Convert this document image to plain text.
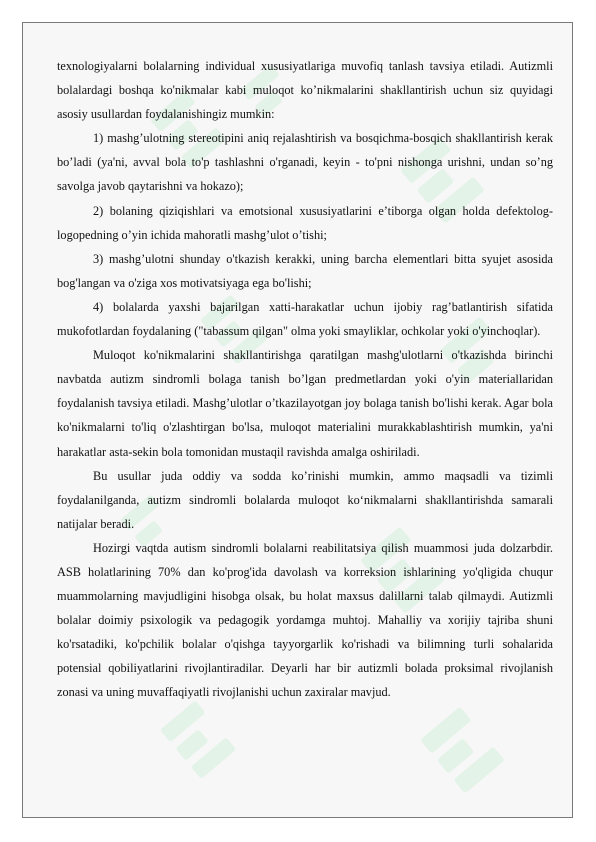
texnologiyalarni bolalarning individual xususiyatlariga muvofiq tanlash tavsiya etiladi. Autizmli bolalardagi boshqa ko'nikmalar kabi muloqot ko’nikmalarini shakllantirish uchun siz quyidagi asosiy usullardan foydalanishingiz mumkin:

1) mashg’ulotning stereotipini aniq rejalashtirish va bosqichma-bosqich shakllantirish kerak bo’ladi (ya'ni, avval bola to'p tashlashni o'rganadi, keyin - to'pni nishonga urishni, undan so’ng savolga javob qaytarishni va hokazo);

2) bolaning qiziqishlari va emotsional xususiyatlarini e’tiborga olgan holda defektolog-logopedning o’yin ichida mahoratli mashg’ulot o’tishi;

3) mashg’ulotni shunday o'tkazish kerakki, uning barcha elementlari bitta syujet asosida bog'langan va o'ziga xos motivatsiyaga ega bo'lishi;

4) bolalarda yaxshi bajarilgan xatti-harakatlar uchun ijobiy rag’batlantirish sifatida mukofotlardan foydalaning ("tabassum qilgan" olma yoki smayliklar, ochkolar yoki o'yinchoqlar).

Muloqot ko'nikmalarini shakllantirishga qaratilgan mashg'ulotlarni o'tkazishda birinchi navbatda autizm sindromli bolaga tanish bo’lgan predmetlardan yoki o'yin materiallaridan foydalanish tavsiya etiladi. Mashg’ulotlar o’tkazilayotgan joy bolaga tanish bo'lishi kerak. Agar bola ko'nikmalarni to'liq o'zlashtirgan bo'lsa, muloqot materialini murakkablashtirish mumkin, ya'ni harakatlar asta-sekin bola tomonidan mustaqil ravishda amalga oshiriladi.

Bu usullar juda oddiy va sodda ko’rinishi mumkin, ammo maqsadli va tizimli foydalanilganda, autizm sindromli bolalarda muloqot ko‘nikmalarni shakllantirishda samarali natijalar beradi.

Hozirgi vaqtda autism sindromli bolalarni reabilitatsiya qilish muammosi juda dolzarbdir. ASB holatlarining 70% dan ko'prog'ida davolash va korreksion ishlarining yo'qligida chuqur muammolarning mavjudligini hisobga olsak, bu holat maxsus dalillarni talab qilmaydi. Autizmli bolalar doimiy psixologik va pedagogik yordamga muhtoj. Mahalliy va xorijiy tajriba shuni ko'rsatadiki, ko'pchilik bolalar o'qishga tayyorgarlik ko'rishadi va bilimning turli sohalarida potensial qobiliyatlarini rivojlantiradilar. Deyarli har bir autizmli bolada proksimal rivojlanish zonasi va uning muvaffaqiyatli rivojlanishi uchun zaxiralar mavjud.
